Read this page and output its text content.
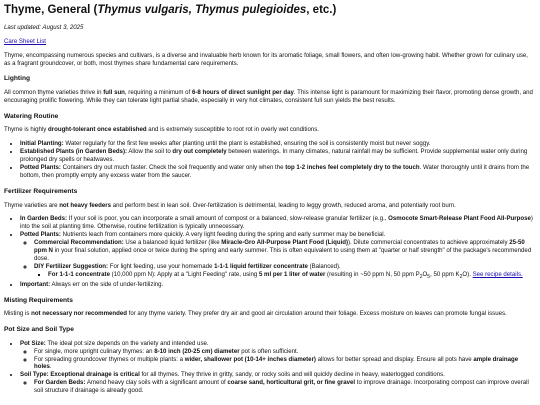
Thyme, General (Thymus vulgaris, Thymus pulegioides, etc.)

Last updated: August 3, 2025

Care Sheet List

Thyme, encompassing numerous species and cultivars, is a diverse and invaluable herb known for its aromatic foliage, small flowers, and often low-growing habit. Whether grown for culinary use, as a fragrant groundcover, or both, most thymes share fundamental care requirements.

Lighting

All common thyme varieties thrive in full sun, requiring a minimum of 6-8 hours of direct sunlight per day. This intense light is paramount for maximizing their flavor, promoting dense growth, and encouraging prolific flowering. While they can tolerate light partial shade, especially in very hot climates, consistent full sun yields the best results.

Watering Routine

Thyme is highly drought-tolerant once established and is extremely susceptible to root rot in overly wet conditions.

• Initial Planting: Water regularly for the first few weeks after planting until the plant is established, ensuring the soil is consistently moist but never soggy.
• Established Plants (in Garden Beds): Allow the soil to dry out completely between waterings. In many climates, natural rainfall may be sufficient. Provide supplemental water only during prolonged dry spells or heatwaves.
• Potted Plants: Containers dry out much faster. Check the soil frequently and water only when the top 1-2 inches feel completely dry to the touch. Water thoroughly until it drains from the bottom, then promptly empty any excess water from the saucer.
Fertilizer Requirements

Thyme varieties are not heavy feeders and perform best in lean soil. Over-fertilization is detrimental, leading to leggy growth, reduced aroma, and potentially root burn.

• In Garden Beds: If your soil is poor, you can incorporate a small amount of compost or a balanced, slow-release granular fertilizer (e.g., Osmocote Smart-Release Plant Food All-Purpose) into the soil at planting time. Otherwise, routine fertilization is typically unnecessary.
• Potted Plants: Nutrients leach from containers more quickly. A very light feeding during the spring and early summer may be beneficial.
◦ Commercial Recommendation: Use a balanced liquid fertilizer (like Miracle-Gro All-Purpose Plant Food (Liquid)). Dilute commercial concentrates to achieve approximately 25-50 ppm N in your final solution, applied once or twice during the spring and early summer. This is often equivalent to using them at "quarter or half strength" of the package's recommended dose.
◦ DIY Fertilizer Suggestion: For light feeding, use your homemade 1-1-1 liquid fertilizer concentrate (Balanced).
▪ For 1-1-1 concentrate (10,000 ppm N): Apply at a "Light Feeding" rate, using 5 ml per 1 liter of water (resulting in ~50 ppm N, 50 ppm $P_2O_5$, 50 ppm $K_2O$). See recipe details.
• Important: Always err on the side of under-fertilizing.
Misting Requirements

Misting is not necessary nor recommended for any thyme variety. They prefer dry air and good air circulation around their foliage. Excess moisture on leaves can promote fungal issues.

Pot Size and Soil Type
• Pot Size: The ideal pot size depends on the variety and intended use.
◦ For single, more upright culinary thymes: an 8-10 inch (20-25 cm) diameter pot is often sufficient.
◦ For spreading groundcover thymes or multiple plants: a wider, shallower pot (10-14+ inches diameter) allows for better spread and display. Ensure all pots have ample drainage holes.
• Soil Type: Exceptional drainage is critical for all thymes. They thrive in gritty, sandy, or rocky soils and will quickly decline in heavy, waterlogged conditions.
◦ For Garden Beds: Amend heavy clay soils with a significant amount of coarse sand, horticultural grit, or fine gravel to improve drainage. Incorporating compost can improve overall soil structure if drainage is already good.
